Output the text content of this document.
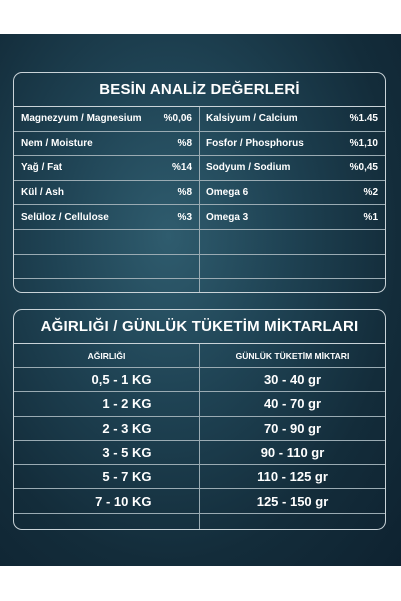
BESİN ANALİZ DEĞERLERİ
Magnezyum / Magnesium %0,06 Kalsiyum / Calcium	%1.45
Nem / Moisture	%8 Fosfor / Phosphorus	%1,10
Yağ / Fat	%14 Sodyum / Sodium	%0,45
Kül / Ash	%8 Omega 6	%2
Selüloz / Cellulose	%3 Omega 3	%1
AĞIRLIĞI / GÜNLÜK TÜKETİM MİKTARLARI
AĞIRLIĞI	GÜNLÜK TÜKETİM MİKTARI
0,5 - 1 KG	30 - 40 gr
1 - 2 KG	40 - 70 gr
2 - 3 KG	70 - 90 gr
3 - 5 KG	90 - 110 gr
5 - 7 KG	110 - 125 gr
7 - 10 KG	125 - 150 gr
